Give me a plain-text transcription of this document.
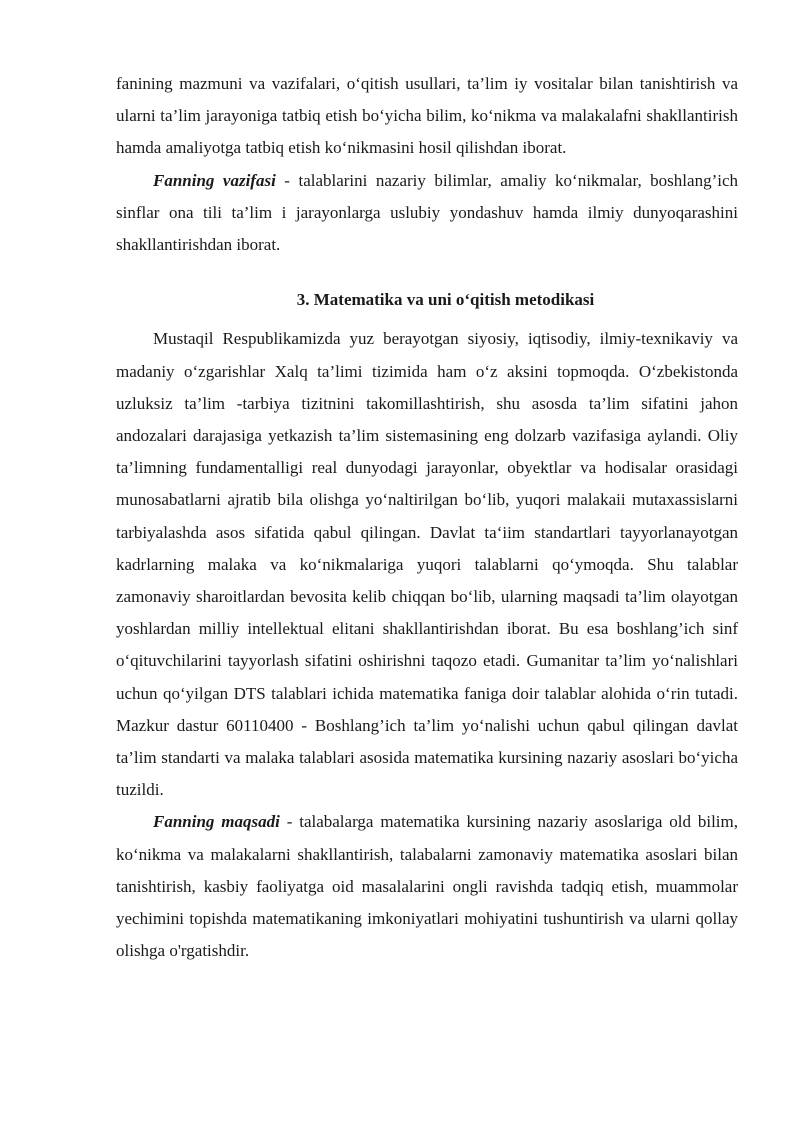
fanining mazmuni va vazifalari, o‘qitish usullari, ta’lim iy vositalar bilan tanishtirish va ularni ta’lim jarayoniga tatbiq etish bo‘yicha bilim, ko‘nikma va malakalafni shakllantirish hamda amaliyotga tatbiq etish ko‘nikmasini hosil qilishdan iborat.

Fanning vazifasi - talablarini nazariy bilimlar, amaliy ko‘nikmalar, boshlang’ich sinflar ona tili ta’lim i jarayonlarga uslubiy yondashuv hamda ilmiy dunyoqarashini shakllantirishdan iborat.

3. Matematika va uni o‘qitish metodikasi

Mustaqil Respublikamizda yuz berayotgan siyosiy, iqtisodiy, ilmiy-texnikaviy va madaniy o‘zgarishlar Xalq ta’limi tizimida ham o‘z aksini topmoqda. O‘zbekistonda uzluksiz ta’lim -tarbiya tizitnini takomillashtirish, shu asosda ta’lim sifatini jahon andozalari darajasiga yetkazish ta’lim sistemasining eng dolzarb vazifasiga aylandi. Oliy ta’limning fundamentalligi real dunyodagi jarayonlar, obyektlar va hodisalar orasidagi munosabatlarni ajratib bila olishga yo‘naltirilgan bo‘lib, yuqori malakaii mutaxassislarni tarbiyalashda asos sifatida qabul qilingan. Davlat ta‘iim standartlari tayyorlanayotgan kadrlarning malaka va ko‘nikmalariga yuqori talablarni qo‘ymoqda. Shu talablar zamonaviy sharoitlardan bevosita kelib chiqqan bo‘lib, ularning maqsadi ta’lim olayotgan yoshlardan milliy intellektual elitani shakllantirishdan iborat. Bu esa boshlang’ich sinf o‘qituvchilarini tayyorlash sifatini oshirishni taqozo etadi. Gumanitar ta’lim yo‘nalishlari uchun qo‘yilgan DTS talablari ichida matematika faniga doir talablar alohida o‘rin tutadi. Mazkur dastur 60110400 - Boshlang’ich ta’lim yo‘nalishi uchun qabul qilingan davlat ta’lim standarti va malaka talablari asosida matematika kursining nazariy asoslari bo‘yicha tuzildi.

Fanning maqsadi - talabalarga matematika kursining nazariy asoslariga old bilim, ko‘nikma va malakalarni shakllantirish, talabalarni zamonaviy matematika asoslari bilan tanishtirish, kasbiy faoliyatga oid masalalarini ongli ravishda tadqiq etish, muammolar yechimini topishda matematikaning imkoniyatlari mohiyatini tushuntirish va ularni qollay olishga o'rgatishdir.
